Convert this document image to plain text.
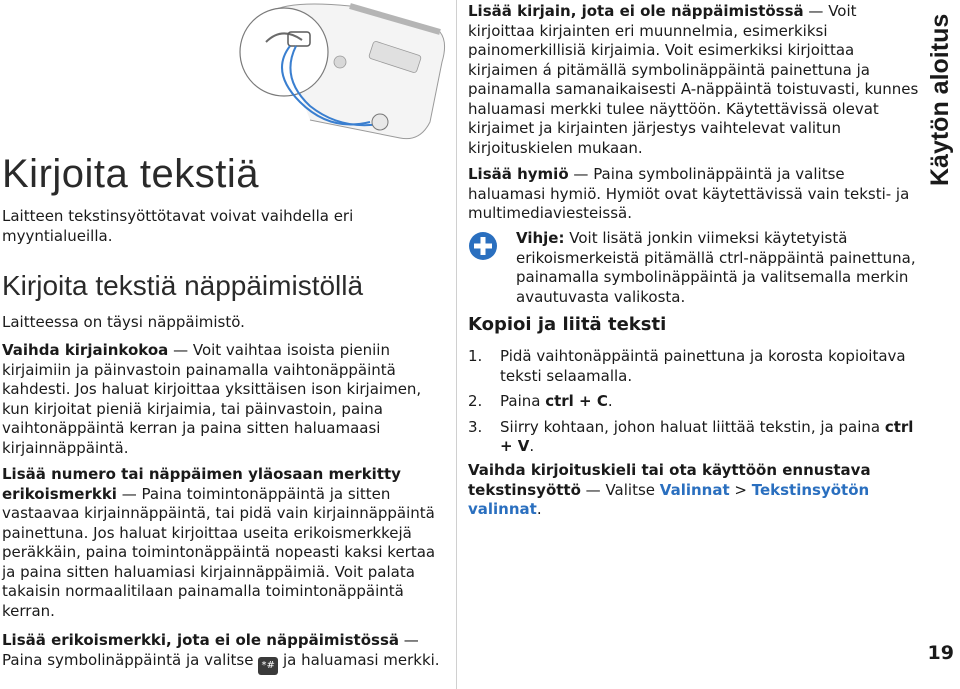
Kirjoita tekstiä

Laitteen tekstinsyöttötavat voivat vaihdella eri myyntialueilla.

Kirjoita tekstiä näppäimistöllä

Laitteessa on täysi näppäimistö.

Vaihda kirjainkokoa — Voit vaihtaa isoista pieniin kirjaimiin ja päinvastoin painamalla vaihtonäppäintä kahdesti. Jos haluat kirjoittaa yksittäisen ison kirjaimen, kun kirjoitat pieniä kirjaimia, tai päinvastoin, paina vaihtonäppäintä kerran ja paina sitten haluamaasi kirjainnäppäintä.

Lisää numero tai näppäimen yläosaan merkitty erikoismerkki — Paina toimintonäppäintä ja sitten vastaavaa kirjainnäppäintä, tai pidä vain kirjainnäppäintä painettuna. Jos haluat kirjoittaa useita erikoismerkkejä peräkkäin, paina toimintonäppäintä nopeasti kaksi kertaa ja paina sitten haluamiasi kirjainnäppäimiä. Voit palata takaisin normaalitilaan painamalla toimintonäppäintä kerran.

Lisää erikoismerkki, jota ei ole näppäimistössä — Paina symbolinäppäintä ja valitse *# ja haluamasi merkki.

Lisää kirjain, jota ei ole näppäimistössä — Voit kirjoittaa kirjainten eri muunnelmia, esimerkiksi painomerkillisiä kirjaimia. Voit esimerkiksi kirjoittaa kirjaimen á pitämällä symbolinäppäintä painettuna ja painamalla samanaikaisesti A-näppäintä toistuvasti, kunnes haluamasi merkki tulee näyttöön. Käytettävissä olevat kirjaimet ja kirjainten järjestys vaihtelevat valitun kirjoituskielen mukaan.

Lisää hymiö — Paina symbolinäppäintä ja valitse haluamasi hymiö. Hymiöt ovat käytettävissä vain teksti- ja multimediaviesteissä.

Vihje: Voit lisätä jonkin viimeksi käytetyistä erikoismerkeistä pitämällä ctrl-näppäintä painettuna, painamalla symbolinäppäintä ja valitsemalla merkin avautuvasta valikosta.

Kopioi ja liitä teksti
1. Pidä vaihtonäppäintä painettuna ja korosta kopioitava teksti selaamalla.
2. Paina ctrl + C.
3. Siirry kohtaan, johon haluat liittää tekstin, ja paina ctrl + V.

Vaihda kirjoituskieli tai ota käyttöön ennustava tekstinsyöttö — Valitse Valinnat > Tekstinsyötön valinnat.

Käytön aloitus
19
